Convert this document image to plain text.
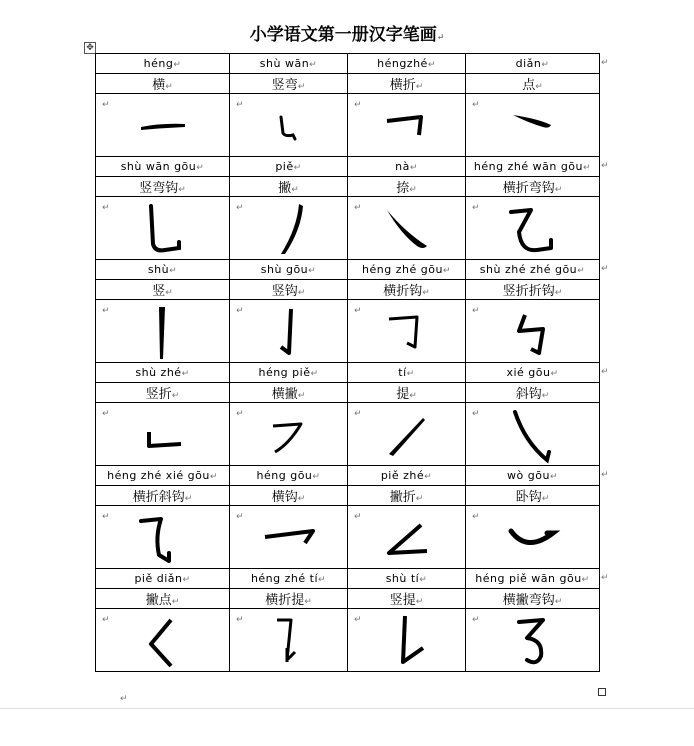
小学语文第一册汉字笔画↵
✥
héng↵	shù wān↵	héngzhé↵	diǎn↵ ↵

横↵	竖弯↵	横折↵	点↵

↵	↵	↵	↵

shù wān gōu↵	piě↵	nà↵	héng zhé wān gōu↵ ↵

竖弯钩↵	撇↵	捺↵	横折弯钩↵

↵	↵	↵	↵

shù↵	shù gōu↵	héng zhé gōu↵	shù zhé zhé gōu↵ ↵

竖↵	竖钩↵	横折钩↵	竖折折钩↵

↵	↵	↵	↵

shù zhé↵	héng piě↵	tí↵	xié gōu↵ ↵

竖折↵	横撇↵	提↵	斜钩↵

↵	↵	↵	↵

héng zhé xié gōu↵	héng gōu↵	piě zhé↵	wò gōu↵ ↵

横折斜钩↵	横钩↵	撇折↵	卧钩↵

↵	↵	↵	↵

piě diǎn↵	héng zhé tí↵	shù tí↵	héng piě wān gōu↵ ↵

撇点↵	横折提↵	竖提↵	横撇弯钩↵

↵	↵	↵	↵
↵
